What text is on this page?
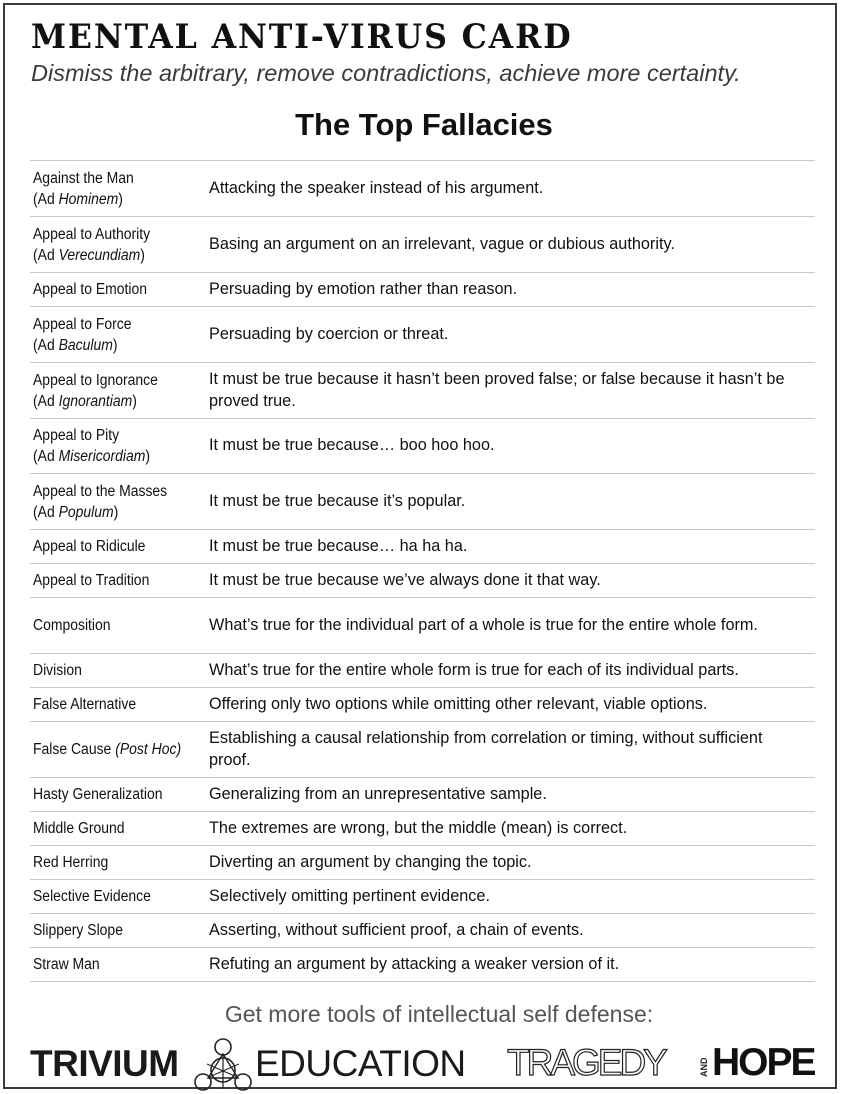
MENTAL ANTI-VIRUS CARD

Dismiss the arbitrary, remove contradictions, achieve more certainty.

The Top Fallacies
Against the Man
(Ad Hominem)	Attacking the speaker instead of his argument.

Appeal to Authority
(Ad Verecundiam)	Basing an argument on an irrelevant, vague or dubious authority.

Appeal to Emotion	Persuading by emotion rather than reason.

Appeal to Force
(Ad Baculum)	Persuading by coercion or threat.

Appeal to Ignorance
(Ad Ignorantiam)	It must be true because it hasn’t been proved false; or false because it hasn’t be proved true.

Appeal to Pity
(Ad Misericordiam)	It must be true because… boo hoo hoo.

Appeal to the Masses
(Ad Populum)	It must be true because it’s popular.

Appeal to Ridicule	It must be true because… ha ha ha.

Appeal to Tradition	It must be true because we’ve always done it that way.

Composition	What’s true for the individual part of a whole is true for the entire whole form.

Division	What’s true for the entire whole form is true for each of its individual parts.

False Alternative	Offering only two options while omitting other relevant, viable options.

False Cause (Post Hoc)	Establishing a causal relationship from correlation or timing, without sufficient proof.

Hasty Generalization	Generalizing from an unrepresentative sample.

Middle Ground	The extremes are wrong, but the middle (mean) is correct.

Red Herring	Diverting an argument by changing the topic.

Selective Evidence	Selectively omitting pertinent evidence.

Slippery Slope	Asserting, without sufficient proof, a chain of events.

Straw Man	Refuting an argument by attacking a weaker version of it.

Get more tools of intellectual self defense:

TRIVIUM EDUCATION TRAGEDY	AND HOPE
